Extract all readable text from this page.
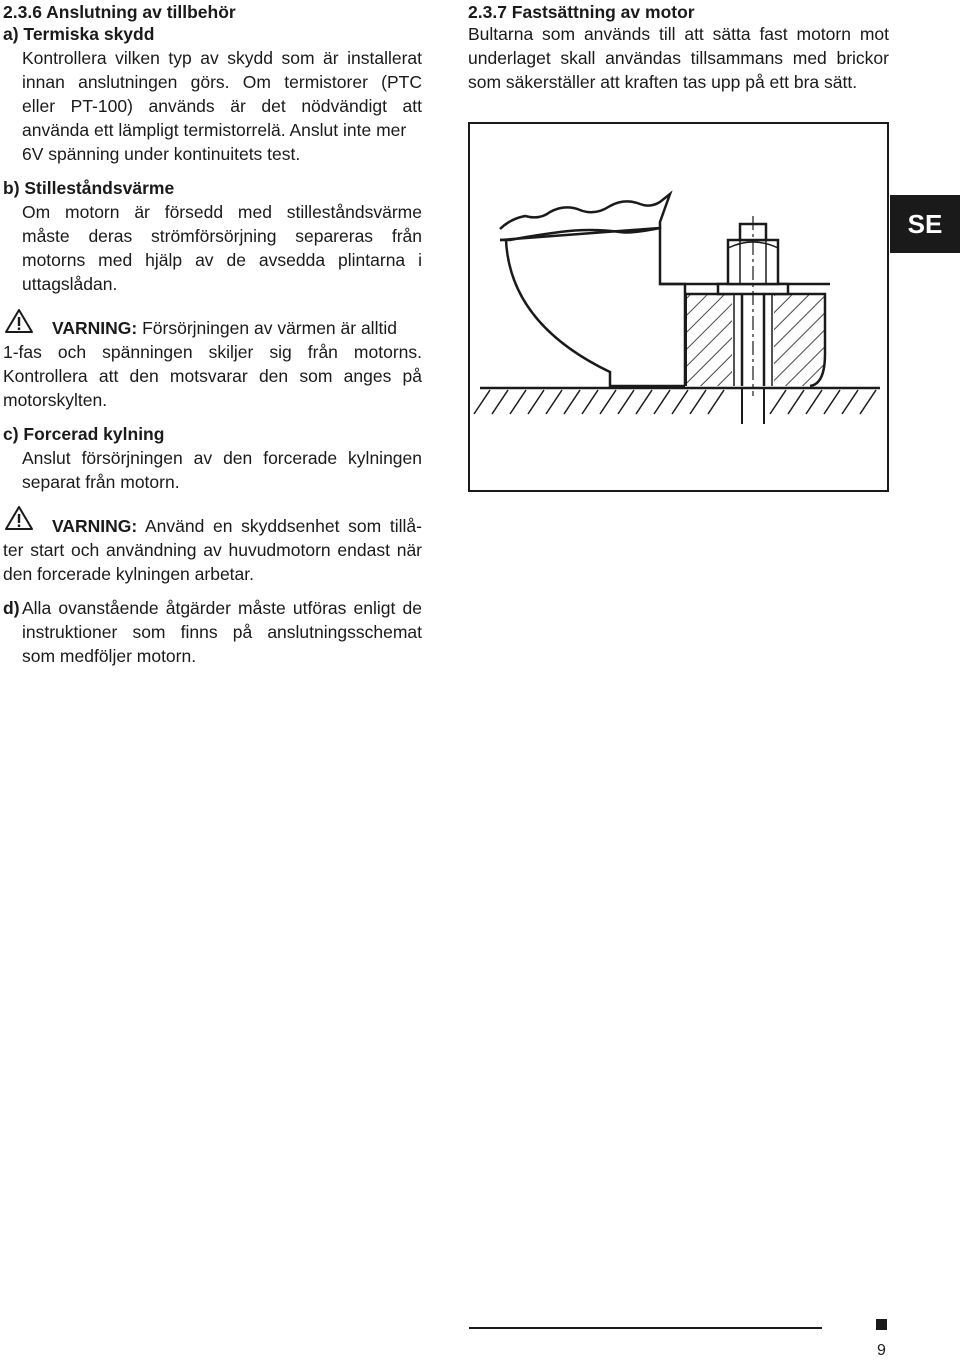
2.3.6 Anslutning av tillbehör
a) Termiska skydd
Kontrollera vilken typ av skydd som är installerat
innan anslutningen görs. Om termistorer (PTC
eller PT-100) används är det nödvändigt att
använda ett lämpligt termistorrelä. Anslut inte mer
6V spänning under kontinuitets test.
b) Stilleståndsvärme
Om motorn är försedd med stilleståndsvärme
måste deras strömförsörjning separeras från
motorns med hjälp av de avsedda plintarna i
uttagslådan.
VARNING: Försörjningen av värmen är alltid
1-fas och spänningen skiljer sig från motorns.
Kontrollera att den motsvarar den som anges på
motorskylten.
c) Forcerad kylning
Anslut försörjningen av den forcerade kylningen
separat från motorn.
VARNING: Använd en skyddsenhet som tillå-
ter start och användning av huvudmotorn endast när
den forcerade kylningen arbetar.
d) Alla ovanstående åtgärder måste utföras enligt de
instruktioner som finns på anslutningsschemat
som medföljer motorn.
2.3.7 Fastsättning av motor
Bultarna som används till att sätta fast motorn mot
underlaget skall användas tillsammans med brickor
som säkerställer att kraften tas upp på ett bra sätt.
SE
9
